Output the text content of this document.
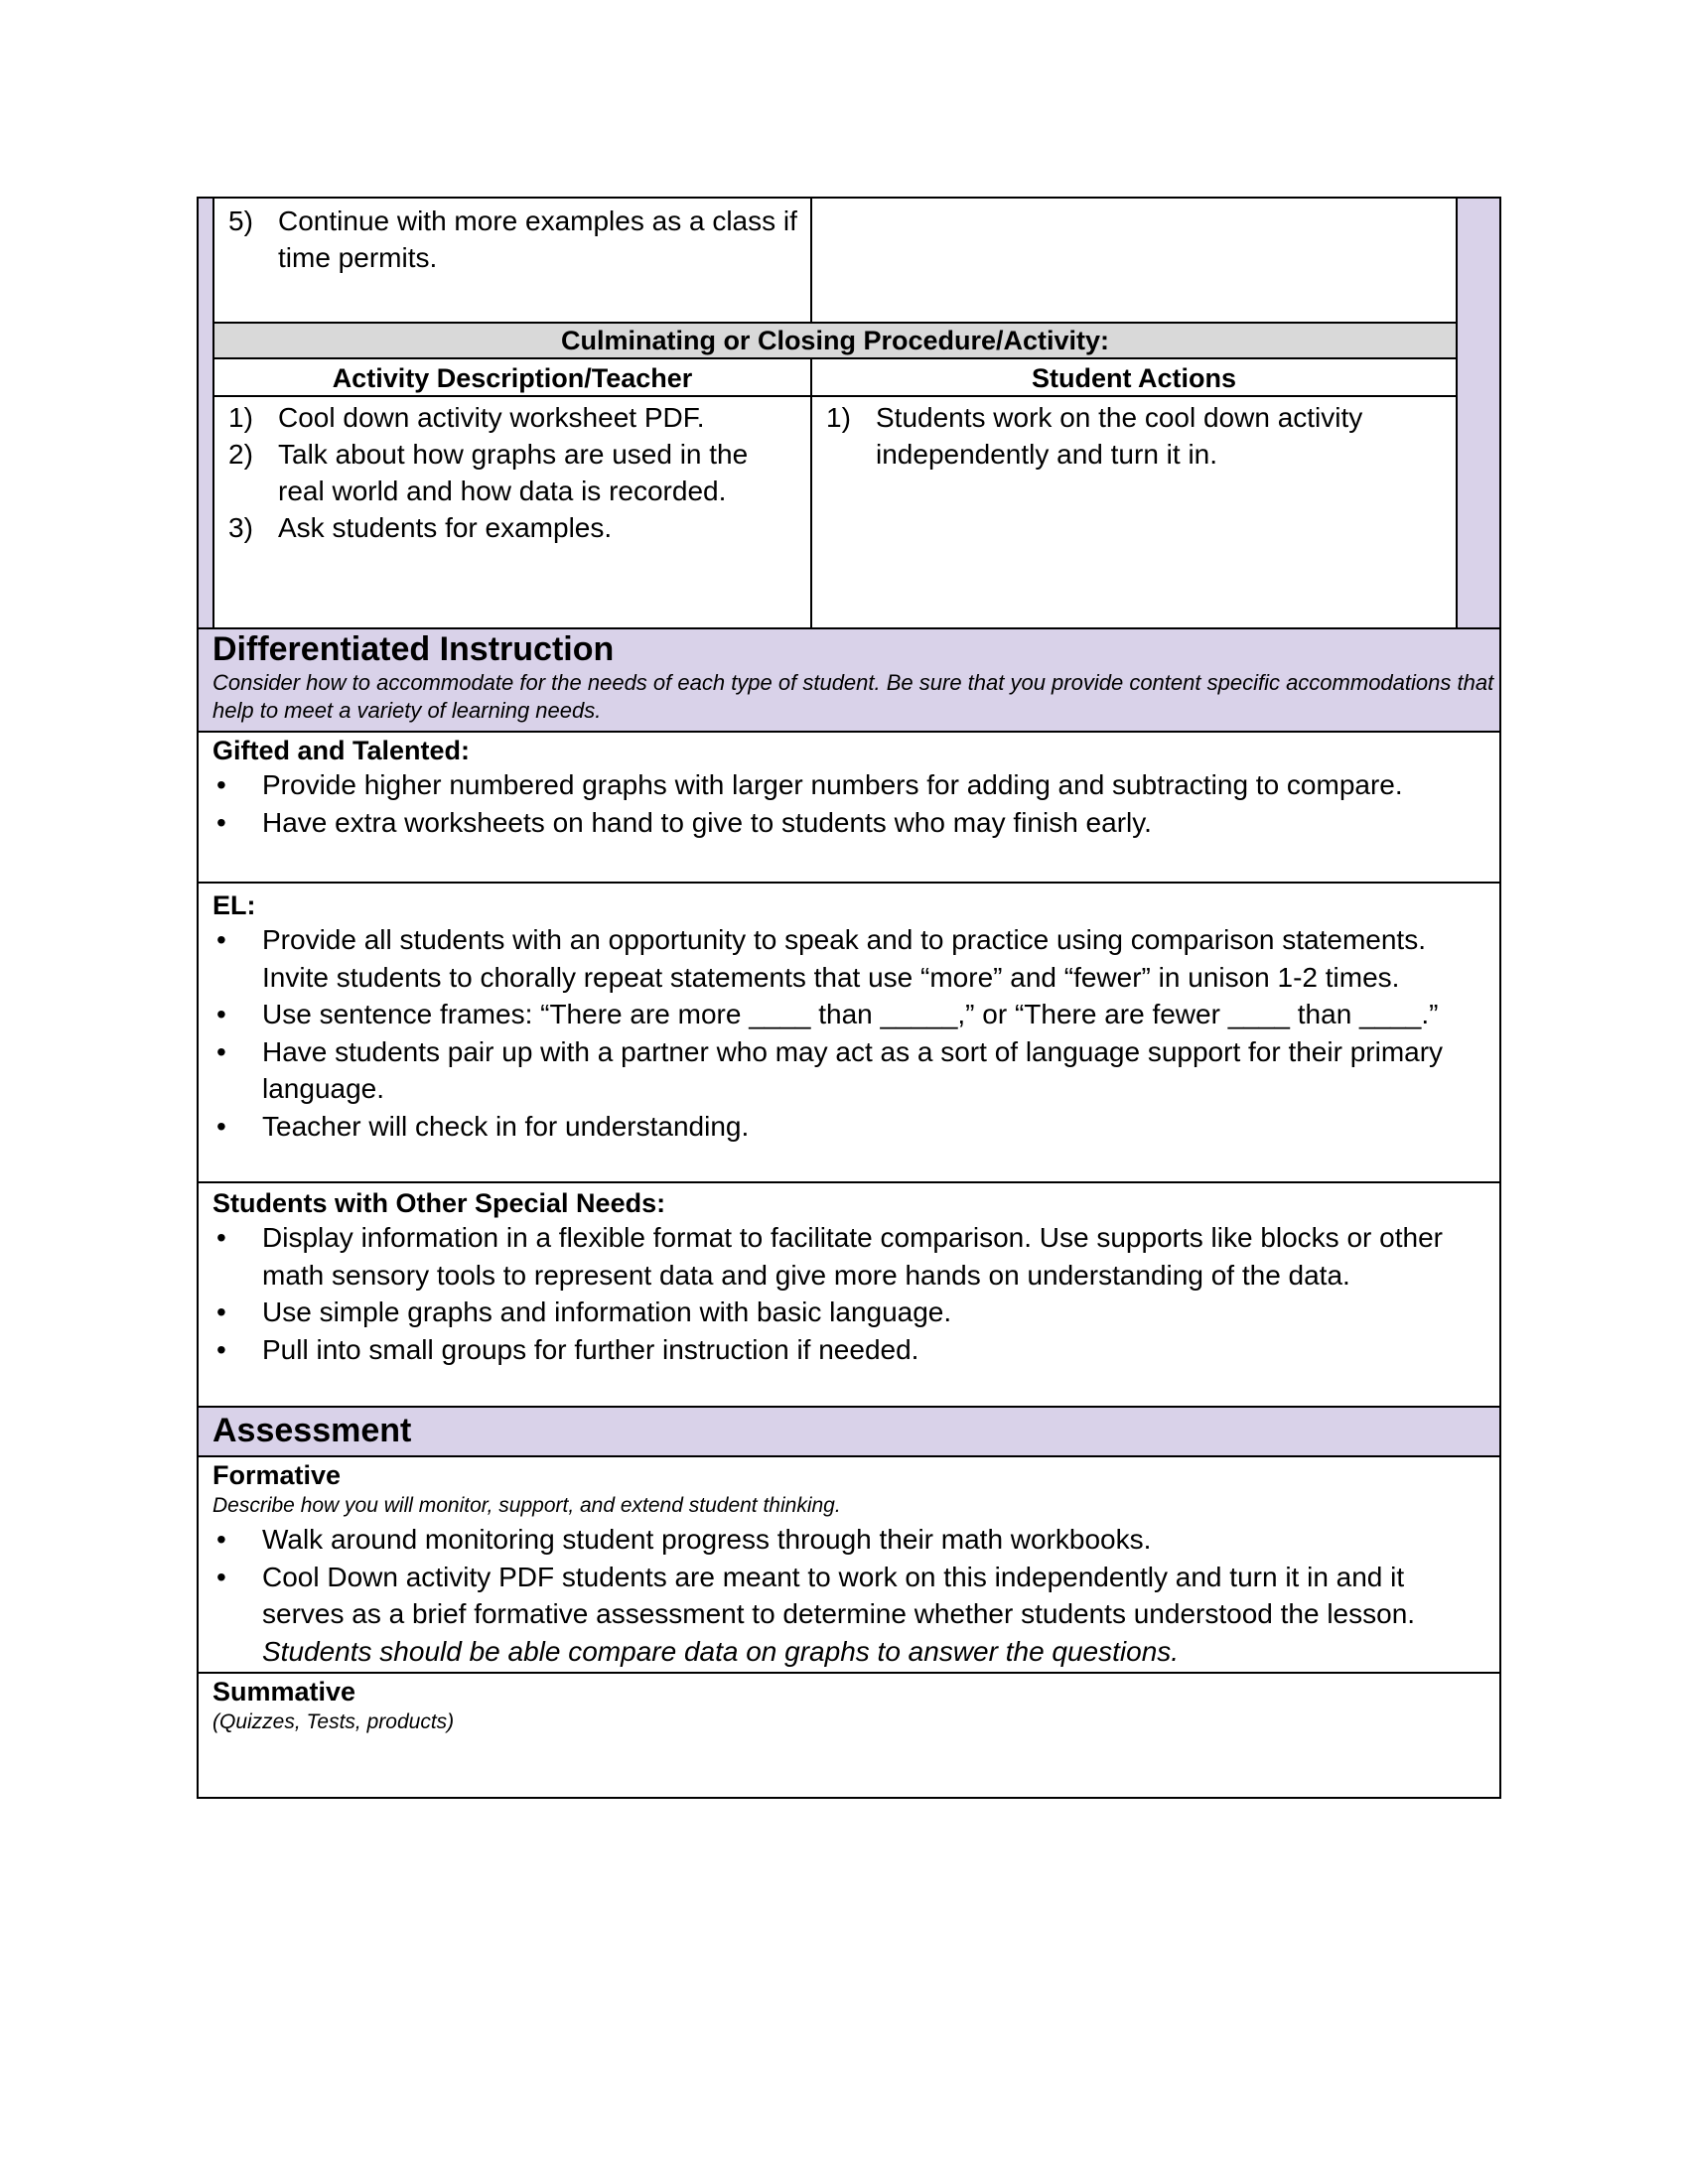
5) Continue with more examples as a class if time permits.
Culminating or Closing Procedure/Activity:
Activity Description/Teacher	Student Actions
1) Cool down activity worksheet PDF.
2) Talk about how graphs are used in the real world and how data is recorded.
3) Ask students for examples.
1) Students work on the cool down activity independently and turn it in.
Differentiated Instruction
Consider how to accommodate for the needs of each type of student. Be sure that you provide content specific accommodations that help to meet a variety of learning needs.
Gifted and Talented:
• Provide higher numbered graphs with larger numbers for adding and subtracting to compare.
• Have extra worksheets on hand to give to students who may finish early.
EL:
• Provide all students with an opportunity to speak and to practice using comparison statements. Invite students to chorally repeat statements that use “more” and “fewer” in unison 1-2 times.
• Use sentence frames: “There are more ____ than _____,” or “There are fewer ____ than ____.”
• Have students pair up with a partner who may act as a sort of language support for their primary language.
• Teacher will check in for understanding.
Students with Other Special Needs:
• Display information in a flexible format to facilitate comparison. Use supports like blocks or other math sensory tools to represent data and give more hands on understanding of the data.
• Use simple graphs and information with basic language.
• Pull into small groups for further instruction if needed.
Assessment
Formative
Describe how you will monitor, support, and extend student thinking.
• Walk around monitoring student progress through their math workbooks.
• Cool Down activity PDF students are meant to work on this independently and turn it in and it serves as a brief formative assessment to determine whether students understood the lesson.
Students should be able compare data on graphs to answer the questions.
Summative
(Quizzes, Tests, products)
